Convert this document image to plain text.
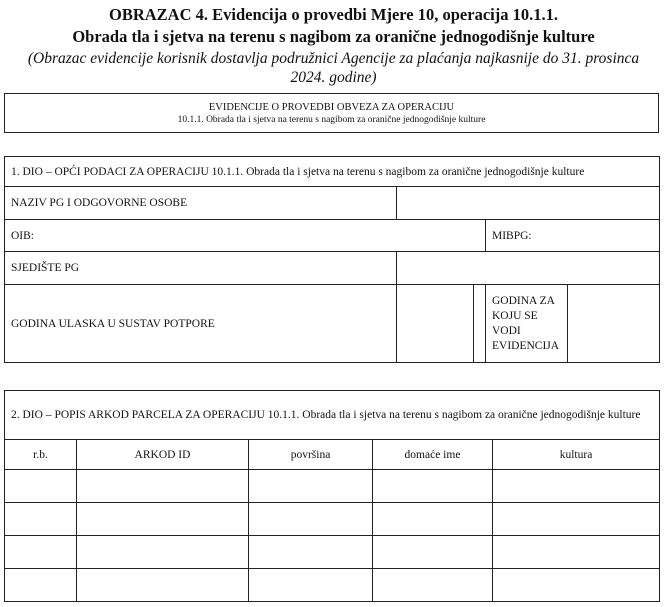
OBRAZAC 4. Evidencija o provedbi Mjere 10, operacija 10.1.1.
Obrada tla i sjetva na terenu s nagibom za oranične jednogodišnje kulture
(Obrazac evidencije korisnik dostavlja podružnici Agencije za plaćanja najkasnije do 31. prosinca
2024. godine)
EVIDENCIJE O PROVEDBI OBVEZA ZA OPERACIJU
10.1.1. Obrada tla i sjetva na terenu s nagibom za oranične jednogodišnje kulture
1. DIO – OPĆI PODACI ZA OPERACIJU 10.1.1. Obrada tla i sjetva na terenu s nagibom za oranične jednogodišnje kulture				
NAZIV PG I ODGOVORNE OSOBE				
OIB:			MIBPG:	
SJEDIŠTE PG				
GODINA ULASKA U SUSTAV POTPORE			GODINA ZA
KOJU SE
VODI
EVIDENCIJA	

2. DIO – POPIS ARKOD PARCELA ZA OPERACIJU 10.1.1. Obrada tla i sjetva na terenu s nagibom za oranične jednogodišnje kulture				
r.b.	ARKOD ID	površina	domaće ime	kultura
